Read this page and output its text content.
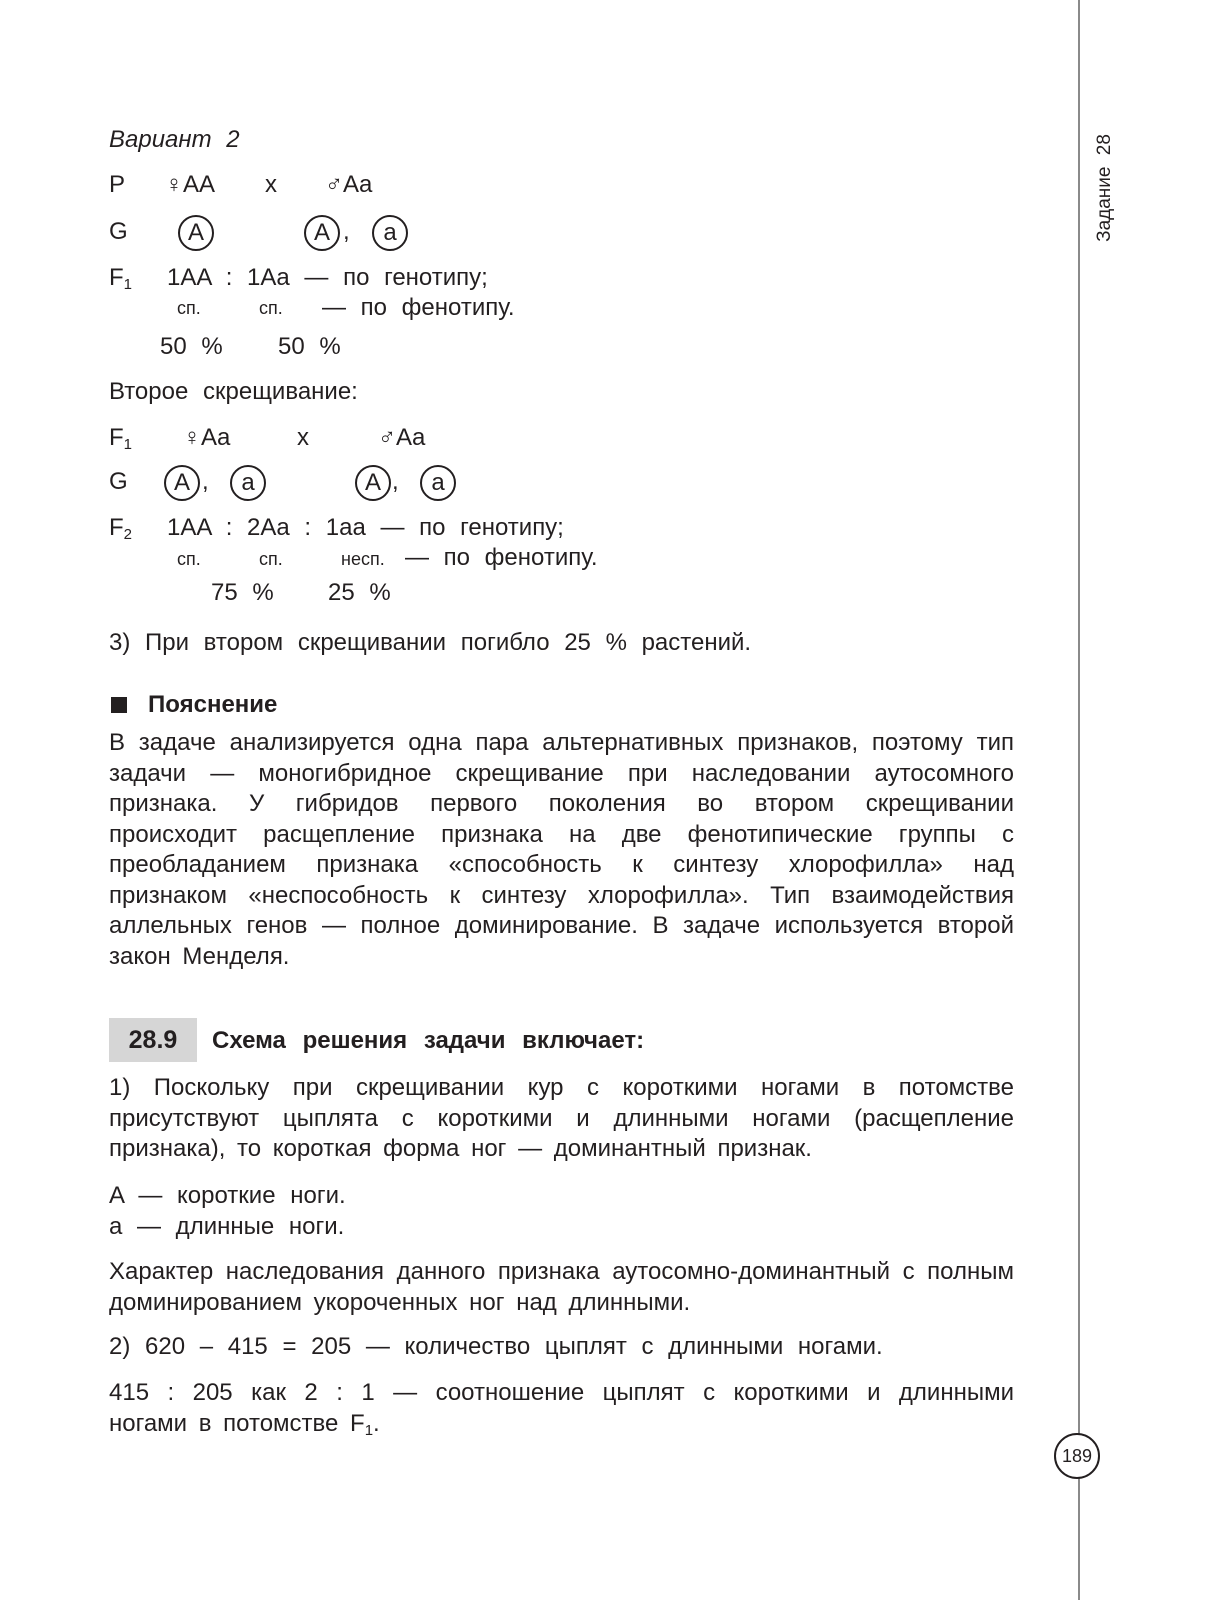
Задание 28
189
Вариант 2
P ♀AA x ♂Aa
G	A	A ,	a
$F_1$ 1AA : 1Aa — по генотипу;
сп.	сп. — по фенотипу.
50 % 50 %
Второе скрещивание:
$F_1$ ♀Aa	x	♂Aa
G	A ,	a	A ,	a
$F_2$ 1AA : 2Aa : 1aa — по генотипу;
сп.	сп.	несп. — по фенотипу.
75 % 25 %
3) При втором скрещивании погибло 25 % растений.
Пояснение
В задаче анализируется одна пара альтернативных признаков, поэтому тип задачи — моногибридное скрещивание при наследовании аутосомного признака. У гибридов первого поколения во втором скрещивании происходит расщепление признака на две фенотипические группы с преобладанием признака «способность к синтезу хлорофилла» над признаком «неспособность к синтезу хлорофилла». Тип взаимодействия аллельных генов — полное доминирование. В задаче используется второй закон Менделя.
28.9	Схема решения задачи включает:
1) Поскольку при скрещивании кур с короткими ногами в потомстве присутствуют цыплята с короткими и длинными ногами (расщепление признака), то короткая форма ног — доминантный признак.
A — короткие ноги.
a — длинные ноги.
Характер наследования данного признака аутосомно-доминантный с полным доминированием укороченных ног над длинными.
2) 620 – 415 = 205 — количество цыплят с длинными ногами.
415 : 205 как 2 : 1 — соотношение цыплят с короткими и длинными ногами в потомстве $F_1$.
